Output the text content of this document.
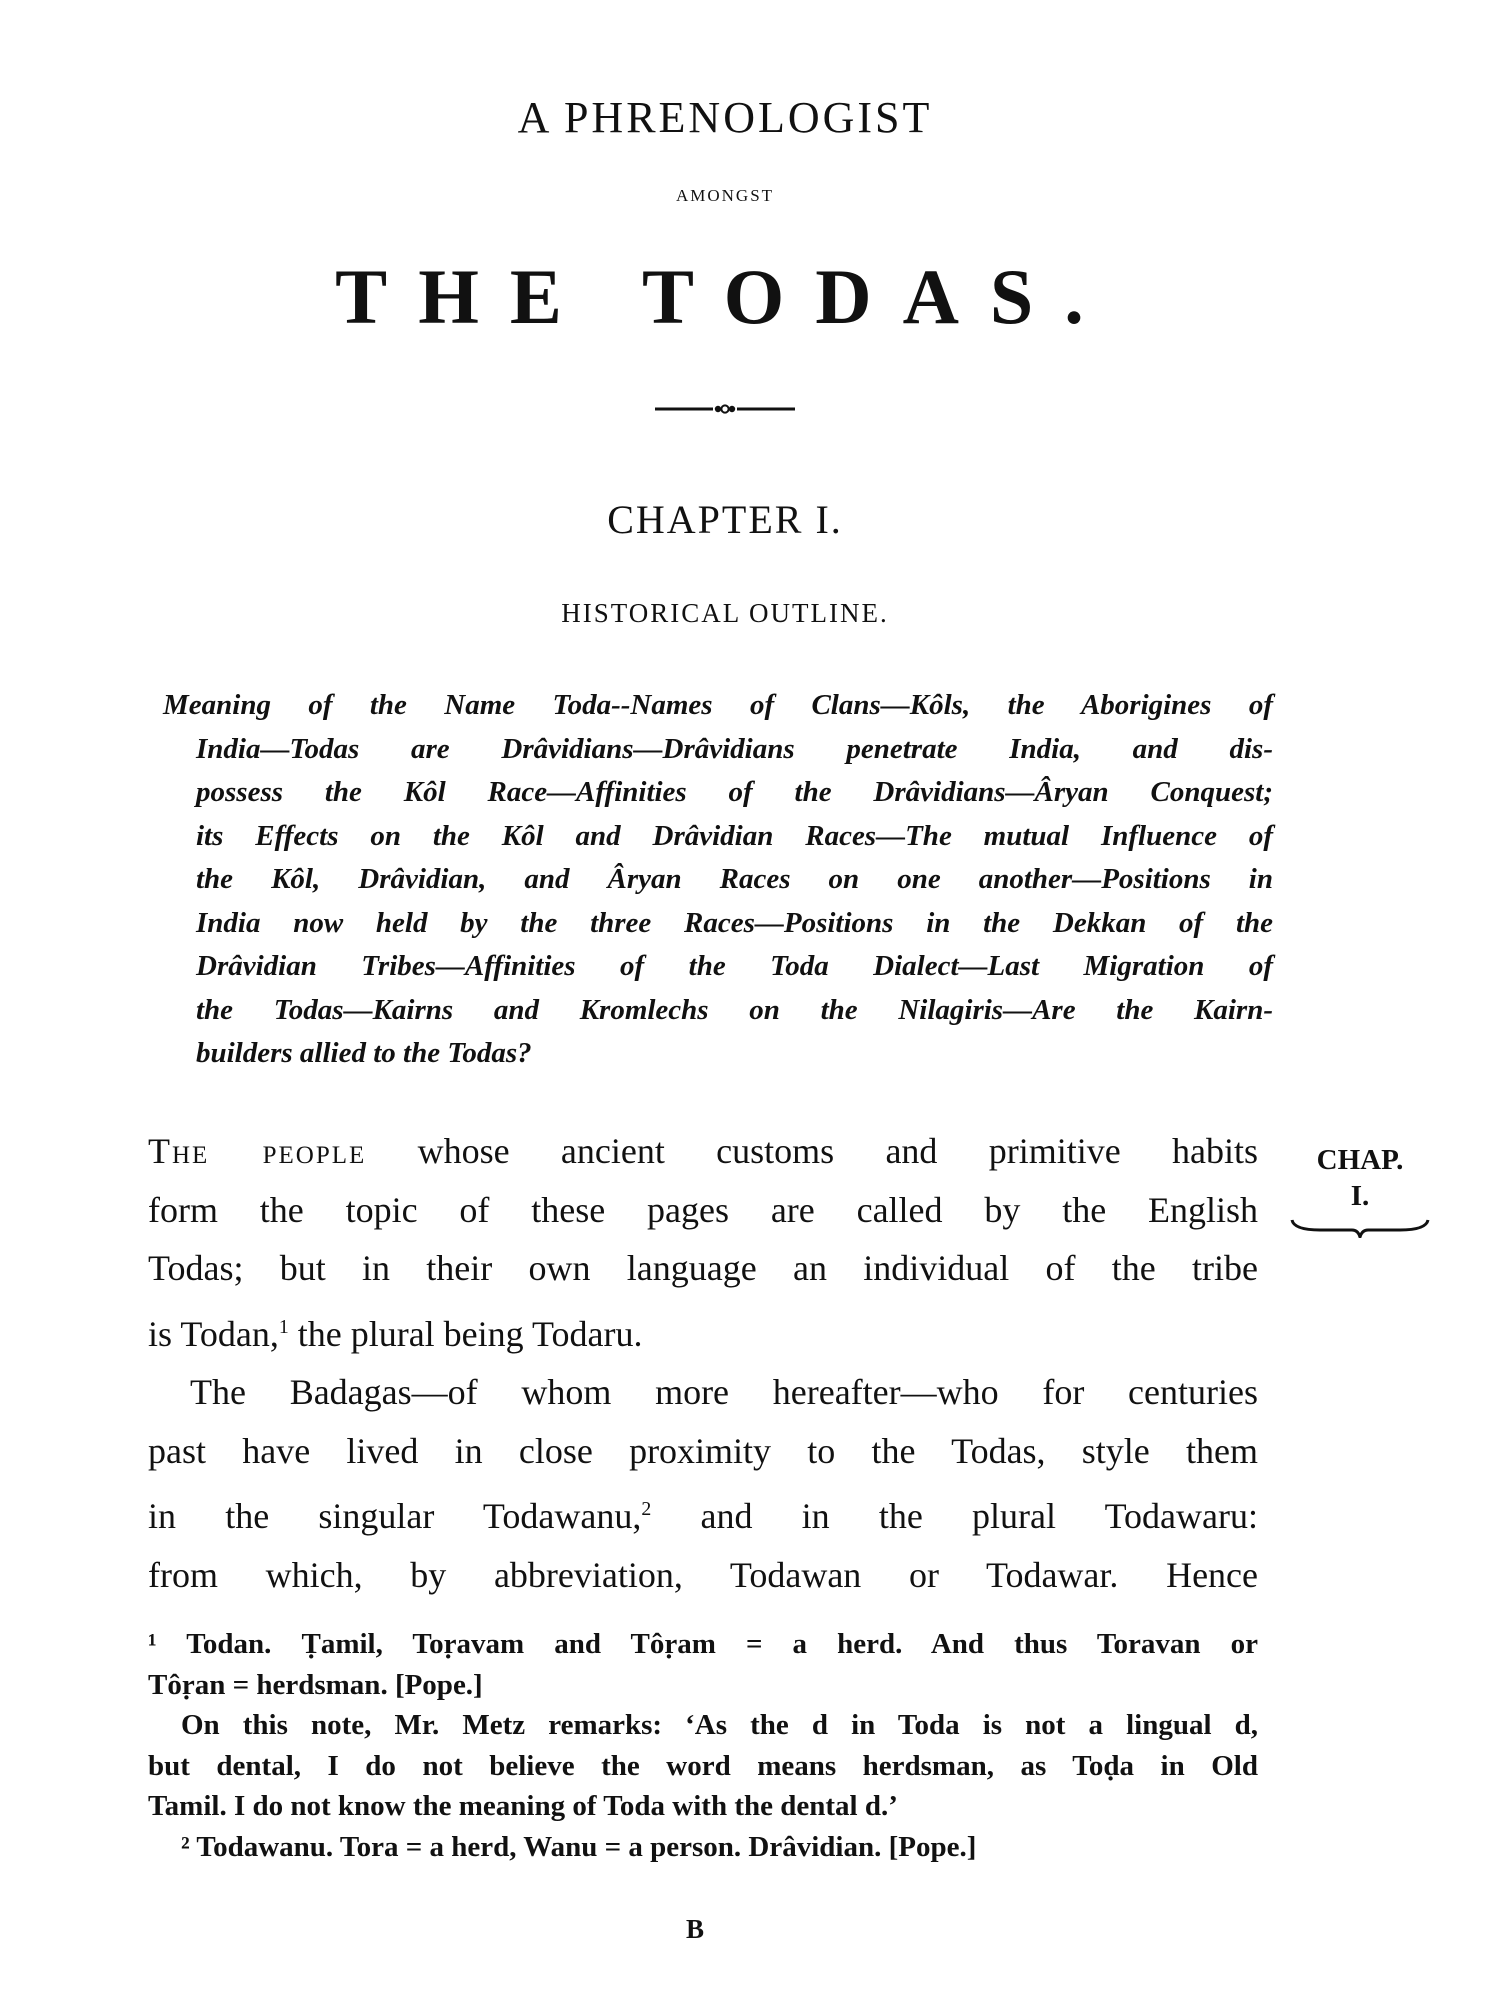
A PHRENOLOGIST
AMONGST
THE TODAS.
CHAPTER I.
HISTORICAL OUTLINE.
Meaning of the Name Toda--Names of Clans—Kôls, the Aborigines of
India—Todas are Drâvidians—Drâvidians penetrate India, and dis-
possess the Kôl Race—Affinities of the Drâvidians—Âryan Conquest;
its Effects on the Kôl and Drâvidian Races—The mutual Influence of
the Kôl, Drâvidian, and Âryan Races on one another—Positions in
India now held by the three Races—Positions in the Dekkan of the
Drâvidian Tribes—Affinities of the Toda Dialect—Last Migration of
the Todas—Kairns and Kromlechs on the Nilagiris—Are the Kairn-
builders allied to the Todas?
The people whose ancient customs and primitive habits
form the topic of these pages are called by the English
Todas; but in their own language an individual of the tribe
is Todan,$^1$ the plural being Todaru.
The Badagas—of whom more hereafter—who for centuries
past have lived in close proximity to the Todas, style them
in the singular Todawanu,$^2$ and in the plural Todawaru:
from which, by abbreviation, Todawan or Todawar. Hence
CHAP.
I.
¹ Todan. Ṭamil, Toṛavam and Tôṛam = a herd. And thus Toravan or
Tôṛan = herdsman. [Pope.]
On this note, Mr. Metz remarks: ‘As the d in Toda is not a lingual d,
but dental, I do not believe the word means herdsman, as Toḍa in Old
Tamil. I do not know the meaning of Toda with the dental d.’
² Todawanu. Tora = a herd, Wanu = a person. Drâvidian. [Pope.]
B
